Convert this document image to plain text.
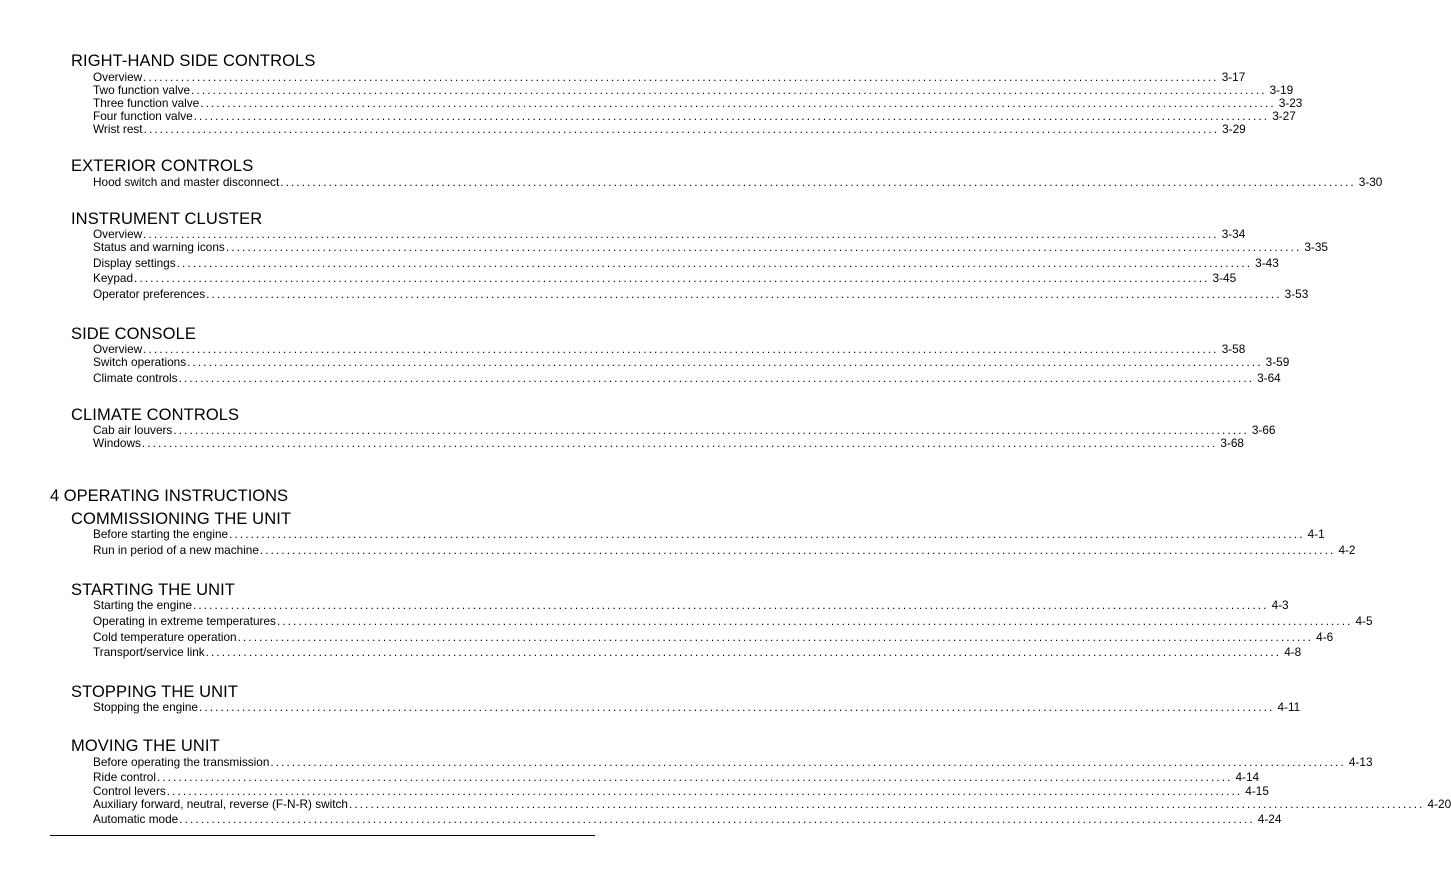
RIGHT-HAND SIDE CONTROLS
Overview ........................................................................................................................................................................................................ 3-17
Two function valve ........................................................................................................................................................................................................ 3-19
Three function valve ........................................................................................................................................................................................................ 3-23
Four function valve ........................................................................................................................................................................................................ 3-27
Wrist rest ........................................................................................................................................................................................................ 3-29
EXTERIOR CONTROLS
Hood switch and master disconnect ........................................................................................................................................................................................................ 3-30
INSTRUMENT CLUSTER
Overview ........................................................................................................................................................................................................ 3-34
Status and warning icons ........................................................................................................................................................................................................ 3-35
Display settings ........................................................................................................................................................................................................ 3-43
Keypad ........................................................................................................................................................................................................ 3-45
Operator preferences ........................................................................................................................................................................................................ 3-53
SIDE CONSOLE
Overview ........................................................................................................................................................................................................ 3-58
Switch operations ........................................................................................................................................................................................................ 3-59
Climate controls ........................................................................................................................................................................................................ 3-64
CLIMATE CONTROLS
Cab air louvers ........................................................................................................................................................................................................ 3-66
Windows ........................................................................................................................................................................................................ 3-68
4 OPERATING INSTRUCTIONS
COMMISSIONING THE UNIT
Before starting the engine ........................................................................................................................................................................................................ 4-1
Run in period of a new machine ........................................................................................................................................................................................................ 4-2
STARTING THE UNIT
Starting the engine ........................................................................................................................................................................................................ 4-3
Operating in extreme temperatures ........................................................................................................................................................................................................ 4-5
Cold temperature operation ........................................................................................................................................................................................................ 4-6
Transport/service link ........................................................................................................................................................................................................ 4-8
STOPPING THE UNIT
Stopping the engine ........................................................................................................................................................................................................ 4-11
MOVING THE UNIT
Before operating the transmission ........................................................................................................................................................................................................ 4-13
Ride control ........................................................................................................................................................................................................ 4-14
Control levers ........................................................................................................................................................................................................ 4-15
Auxiliary forward, neutral, reverse (F-N-R) switch ........................................................................................................................................................................................................ 4-20
Automatic mode ........................................................................................................................................................................................................ 4-24
